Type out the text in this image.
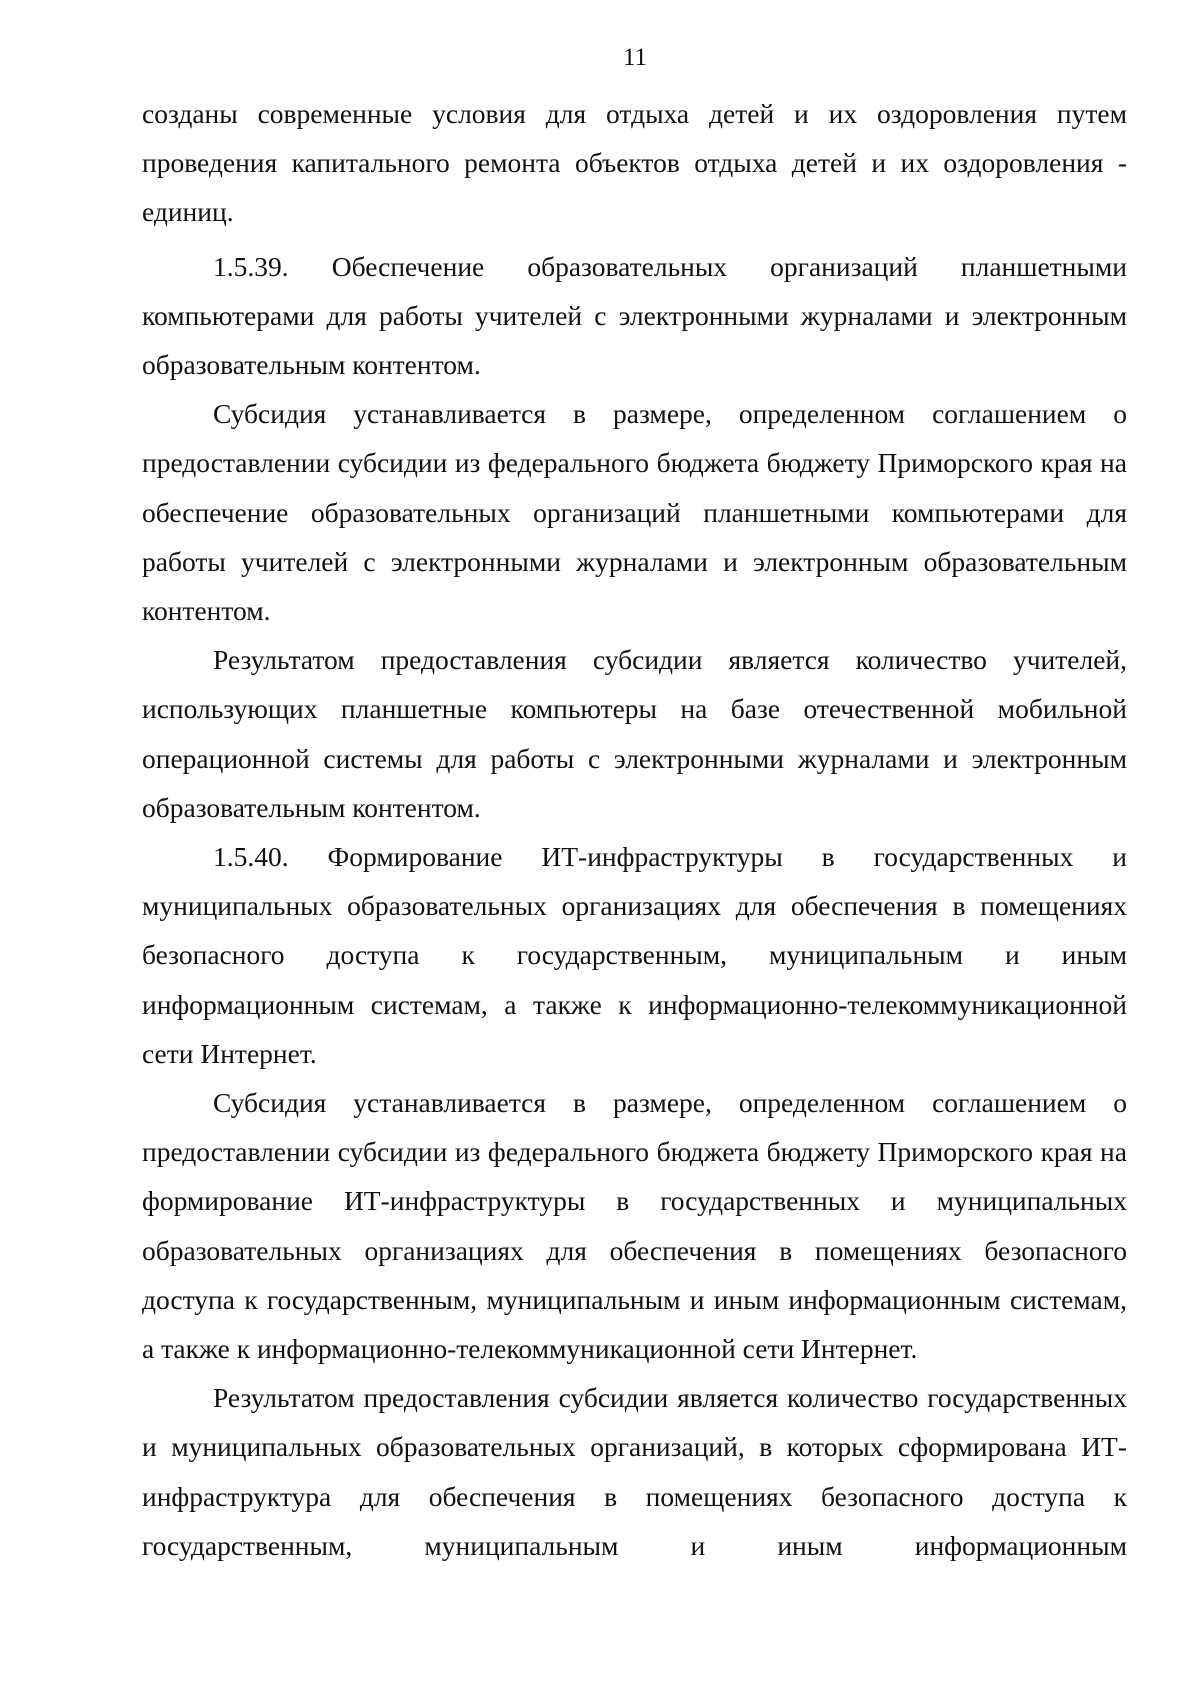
11

созданы современные условия для отдыха детей и их оздоровления путем проведения капитального ремонта объектов отдыха детей и их оздоровления - единиц.

1.5.39. Обеспечение образовательных организаций планшетными компьютерами для работы учителей с электронными журналами и электронным образовательным контентом.

Субсидия устанавливается в размере, определенном соглашением о предоставлении субсидии из федерального бюджета бюджету Приморского края на обеспечение образовательных организаций планшетными компьютерами для работы учителей с электронными журналами и электронным образовательным контентом.

Результатом предоставления субсидии является количество учителей, использующих планшетные компьютеры на базе отечественной мобильной операционной системы для работы с электронными журналами и электронным образовательным контентом.

1.5.40. Формирование ИТ-инфраструктуры в государственных и муниципальных образовательных организациях для обеспечения в помещениях безопасного доступа к государственным, муниципальным и иным информационным системам, а также к информационно-телекоммуникационной сети Интернет.

Субсидия устанавливается в размере, определенном соглашением о предоставлении субсидии из федерального бюджета бюджету Приморского края на формирование ИТ-инфраструктуры в государственных и муниципальных образовательных организациях для обеспечения в помещениях безопасного доступа к государственным, муниципальным и иным информационным системам, а также к информационно-телекоммуникационной сети Интернет.

Результатом предоставления субсидии является количество государственных и муниципальных образовательных организаций, в которых сформирована ИТ-инфраструктура для обеспечения в помещениях безопасного доступа к государственным, муниципальным и иным информационным
